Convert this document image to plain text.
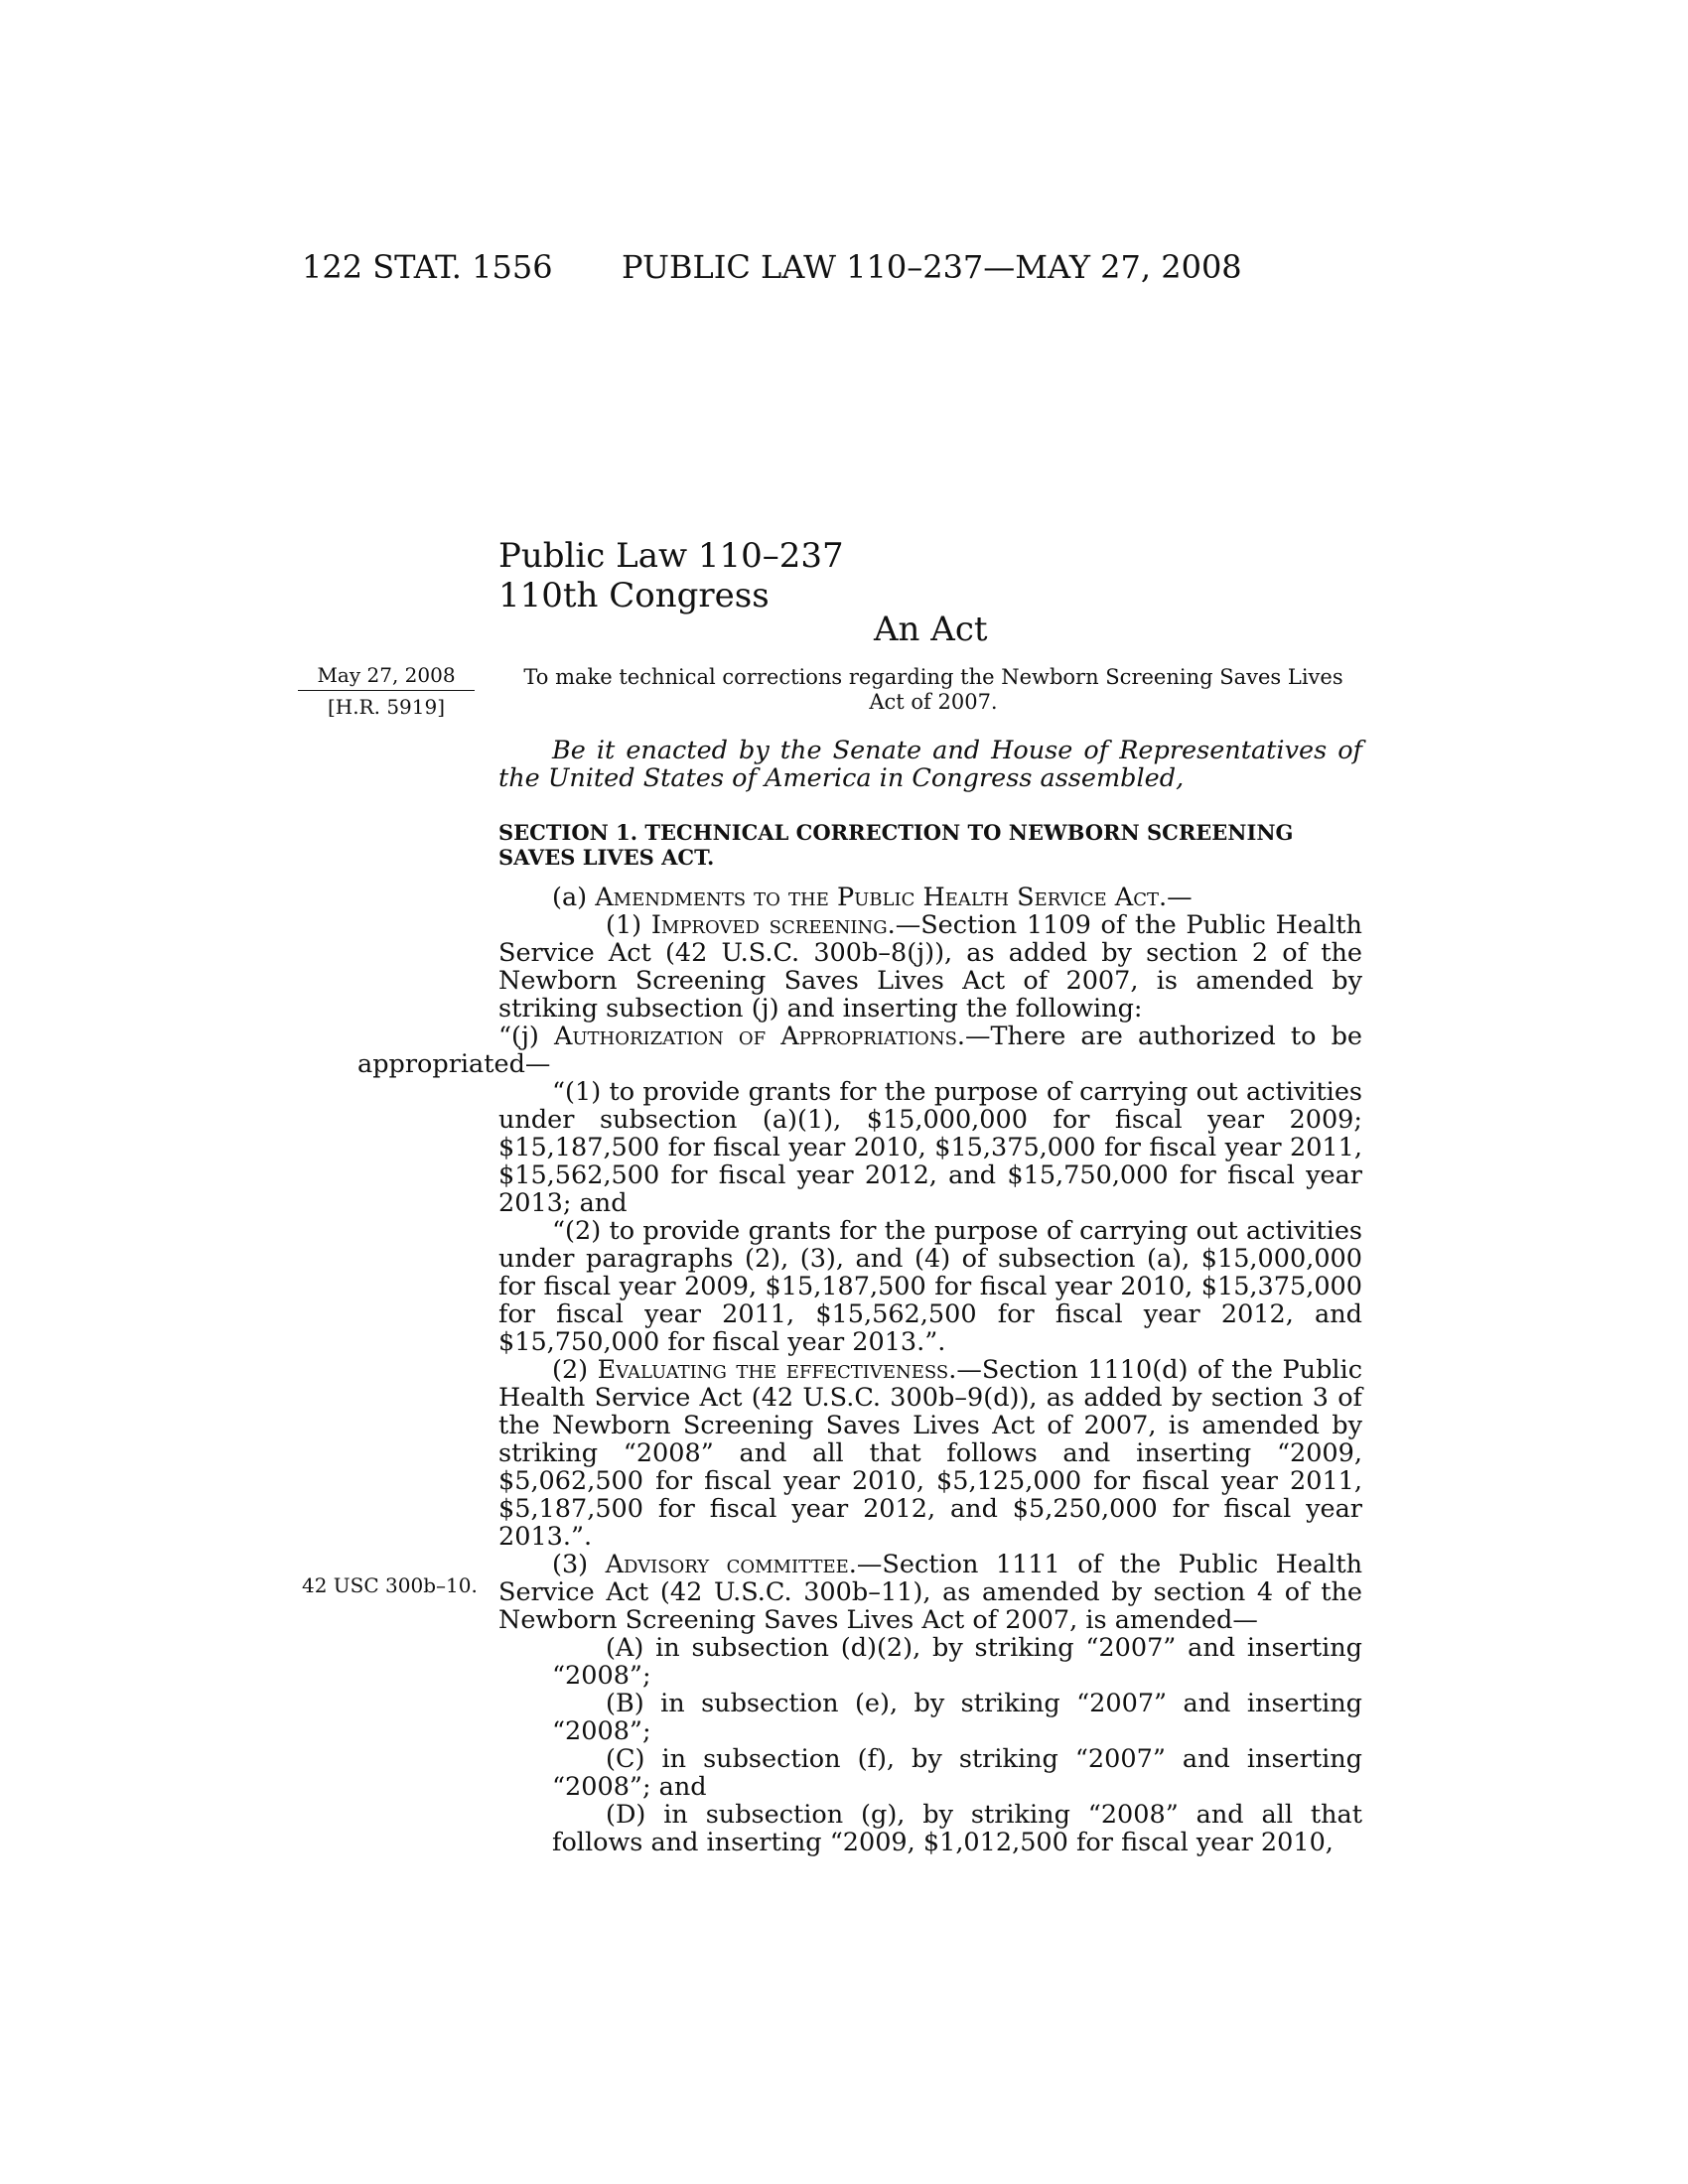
122 STAT. 1556 PUBLIC LAW 110–237—MAY 27, 2008
Public Law 110–237
110th Congress
An Act
May 27, 2008
[H.R. 5919]
To make technical corrections regarding the Newborn Screening Saves Lives Act of 2007.
42 USC 300b–10.

Be it enacted by the Senate and House of Representatives of the United States of America in Congress assembled,

SECTION 1. TECHNICAL CORRECTION TO NEWBORN SCREENING SAVES LIVES ACT.

(a) Amendments to the Public Health Service Act.—

(1) Improved screening.—Section 1109 of the Public Health Service Act (42 U.S.C. 300b–8(j)), as added by section 2 of the Newborn Screening Saves Lives Act of 2007, is amended by striking subsection (j) and inserting the following:

“(j) Authorization of Appropriations.—There are authorized to be appropriated—

“(1) to provide grants for the purpose of carrying out activities under subsection (a)(1), $15,000,000 for fiscal year 2009; $15,187,500 for fiscal year 2010, $15,375,000 for fiscal year 2011, $15,562,500 for fiscal year 2012, and $15,750,000 for fiscal year 2013; and

“(2) to provide grants for the purpose of carrying out activities under paragraphs (2), (3), and (4) of subsection (a), $15,000,000 for fiscal year 2009, $15,187,500 for fiscal year 2010, $15,375,000 for fiscal year 2011, $15,562,500 for fiscal year 2012, and $15,750,000 for fiscal year 2013.”.

(2) Evaluating the effectiveness.—Section 1110(d) of the Public Health Service Act (42 U.S.C. 300b–9(d)), as added by section 3 of the Newborn Screening Saves Lives Act of 2007, is amended by striking “2008” and all that follows and inserting “2009, $5,062,500 for fiscal year 2010, $5,125,000 for fiscal year 2011, $5,187,500 for fiscal year 2012, and $5,250,000 for fiscal year 2013.”.

(3) Advisory committee.—Section 1111 of the Public Health Service Act (42 U.S.C. 300b–11), as amended by section 4 of the Newborn Screening Saves Lives Act of 2007, is amended—

(A) in subsection (d)(2), by striking “2007” and inserting “2008”;

(B) in subsection (e), by striking “2007” and inserting “2008”;

(C) in subsection (f), by striking “2007” and inserting “2008”; and

(D) in subsection (g), by striking “2008” and all that follows and inserting “2009, $1,012,500 for fiscal year 2010,
